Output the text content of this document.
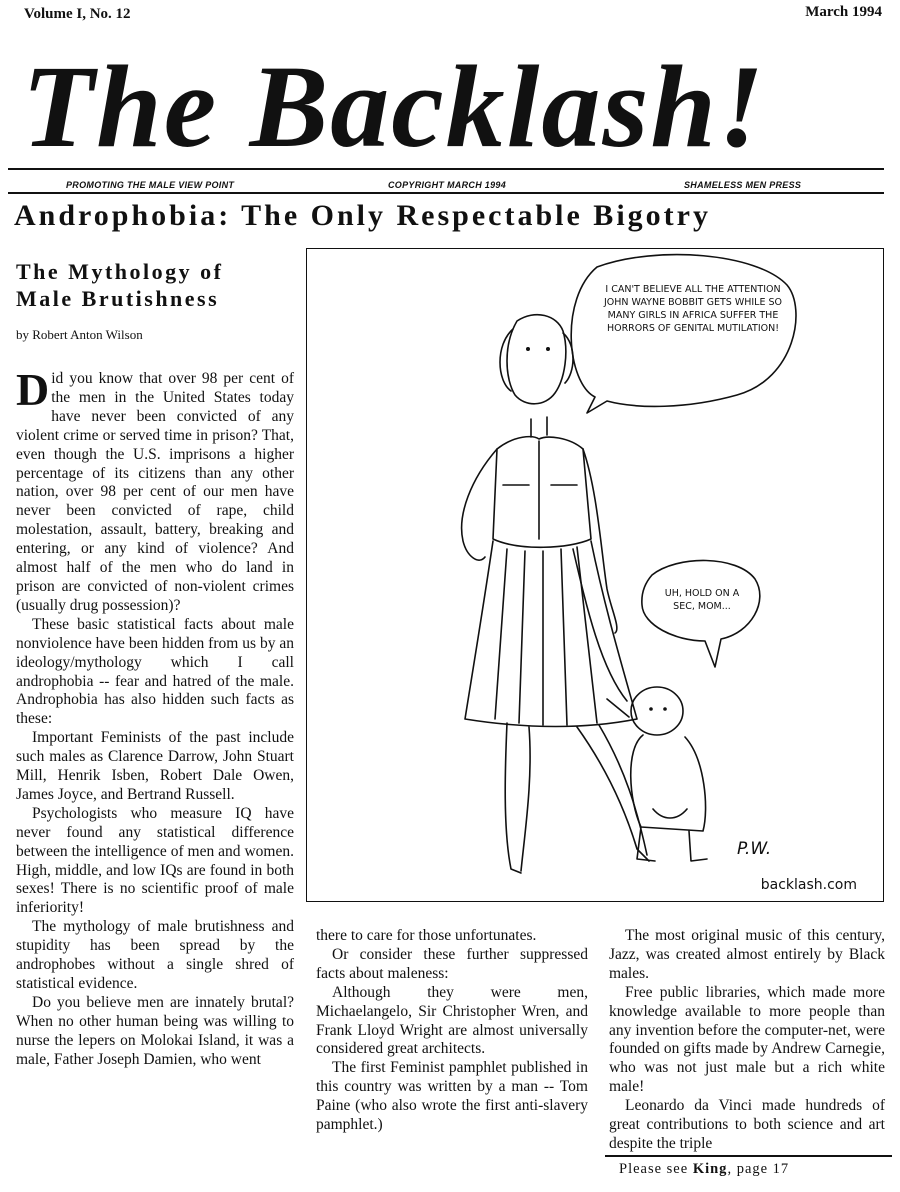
Volume I, No. 12	March 1994
The Backlash!
PROMOTING THE MALE VIEW POINT	COPYRIGHT MARCH 1994	SHAMELESS MEN PRESS
Androphobia: The Only Respectable Bigotry
The Mythology of
Male Brutishness
by Robert Anton Wilson

Did you know that over 98 per cent of the men in the United States today have never been convicted of any violent crime or served time in prison? That, even though the U.S. imprisons a higher percentage of its citizens than any other nation, over 98 per cent of our men have never been convicted of rape, child molestation, assault, battery, breaking and entering, or any kind of violence? And almost half of the men who do land in prison are convicted of non-violent crimes (usually drug possession)?

These basic statistical facts about male nonviolence have been hidden from us by an ideology/mythology which I call androphobia -- fear and hatred of the male. Androphobia has also hidden such facts as these:

Important Feminists of the past include such males as Clarence Darrow, John Stuart Mill, Henrik Isben, Robert Dale Owen, James Joyce, and Bertrand Russell.

Psychologists who measure IQ have never found any statistical difference between the intelligence of men and women. High, middle, and low IQs are found in both sexes! There is no scientific proof of male inferiority!

The mythology of male brutishness and stupidity has been spread by the androphobes without a single shred of statistical evidence.

Do you believe men are innately brutal? When no other human being was willing to nurse the lepers on Molokai Island, it was a male, Father Joseph Damien, who went

I CAN'T BELIEVE ALL THE ATTENTION JOHN WAYNE BOBBIT GETS WHILE SO MANY GIRLS IN AFRICA SUFFER THE HORRORS OF GENITAL MUTILATION!
UH, HOLD ON A SEC, MOM...
P.W.
backlash.com

there to care for those unfortunates.

Or consider these further suppressed facts about maleness:

Although they were men, Michaelangelo, Sir Christopher Wren, and Frank Lloyd Wright are almost universally considered great architects.

The first Feminist pamphlet published in this country was written by a man -- Tom Paine (who also wrote the first anti-slavery pamphlet.)

The most original music of this century, Jazz, was created almost entirely by Black males.

Free public libraries, which made more knowledge available to more people than any invention before the computer-net, were founded on gifts made by Andrew Carnegie, who was not just male but a rich white male!

Leonardo da Vinci made hundreds of great contributions to both science and art despite the triple

Please see King, page 17
